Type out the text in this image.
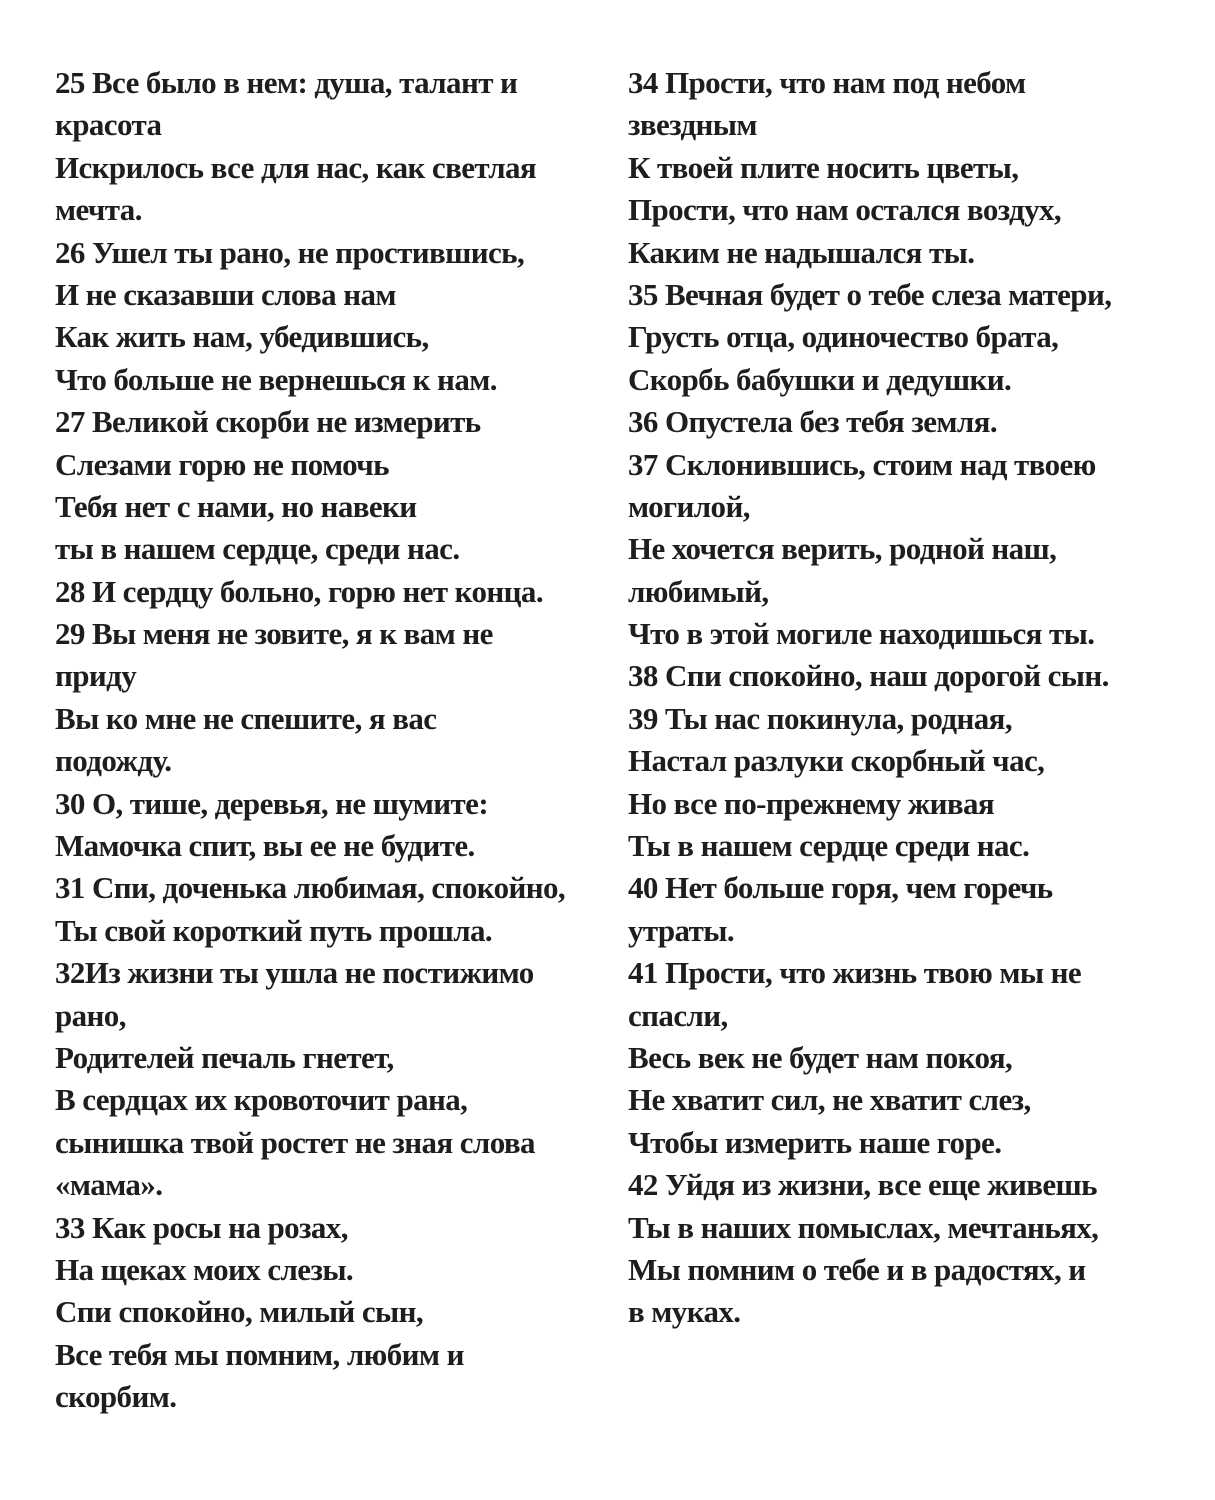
25 Все было в нем: душа, талант и
красота
Искрилось все для нас, как светлая
мечта.
26 Ушел ты рано, не простившись,
И не сказавши слова нам
Как жить нам, убедившись,
Что больше не вернешься к нам.
27 Великой скорби не измерить
Слезами горю не помочь
Тебя нет с нами, но навеки
ты в нашем сердце, среди нас.
28 И сердцу больно, горю нет конца.
29 Вы меня не зовите, я к вам не
приду
Вы ко мне не спешите, я вас
подожду.
30 О, тише, деревья, не шумите:
Мамочка спит, вы ее не будите.
31 Спи, доченька любимая, спокойно,
Ты свой короткий путь прошла.
32Из жизни ты ушла не постижимо
рано,
Родителей печаль гнетет,
В сердцах их кровоточит рана,
сынишка твой ростет не зная слова
«мама».
33 Как росы на розах,
На щеках моих слезы.
Спи спокойно, милый сын,
Все тебя мы помним, любим и
скорбим.
34 Прости, что нам под небом
звездным
К твоей плите носить цветы,
Прости, что нам остался воздух,
Каким не надышался ты.
35 Вечная будет о тебе слеза матери,
Грусть отца, одиночество брата,
Скорбь бабушки и дедушки.
36 Опустела без тебя земля.
37 Склонившись, стоим над твоею
могилой,
Не хочется верить, родной наш,
любимый,
Что в этой могиле находишься ты.
38 Спи спокойно, наш дорогой сын.
39 Ты нас покинула, родная,
Настал разлуки скорбный час,
Но все по-прежнему живая
Ты в нашем сердце среди нас.
40 Нет больше горя, чем горечь
утраты.
41 Прости, что жизнь твою мы не
спасли,
Весь век не будет нам покоя,
Не хватит сил, не хватит слез,
Чтобы измерить наше горе.
42 Уйдя из жизни, все еще живешь
Ты в наших помыслах, мечтаньях,
Мы помним о тебе и в радостях, и
в муках.
